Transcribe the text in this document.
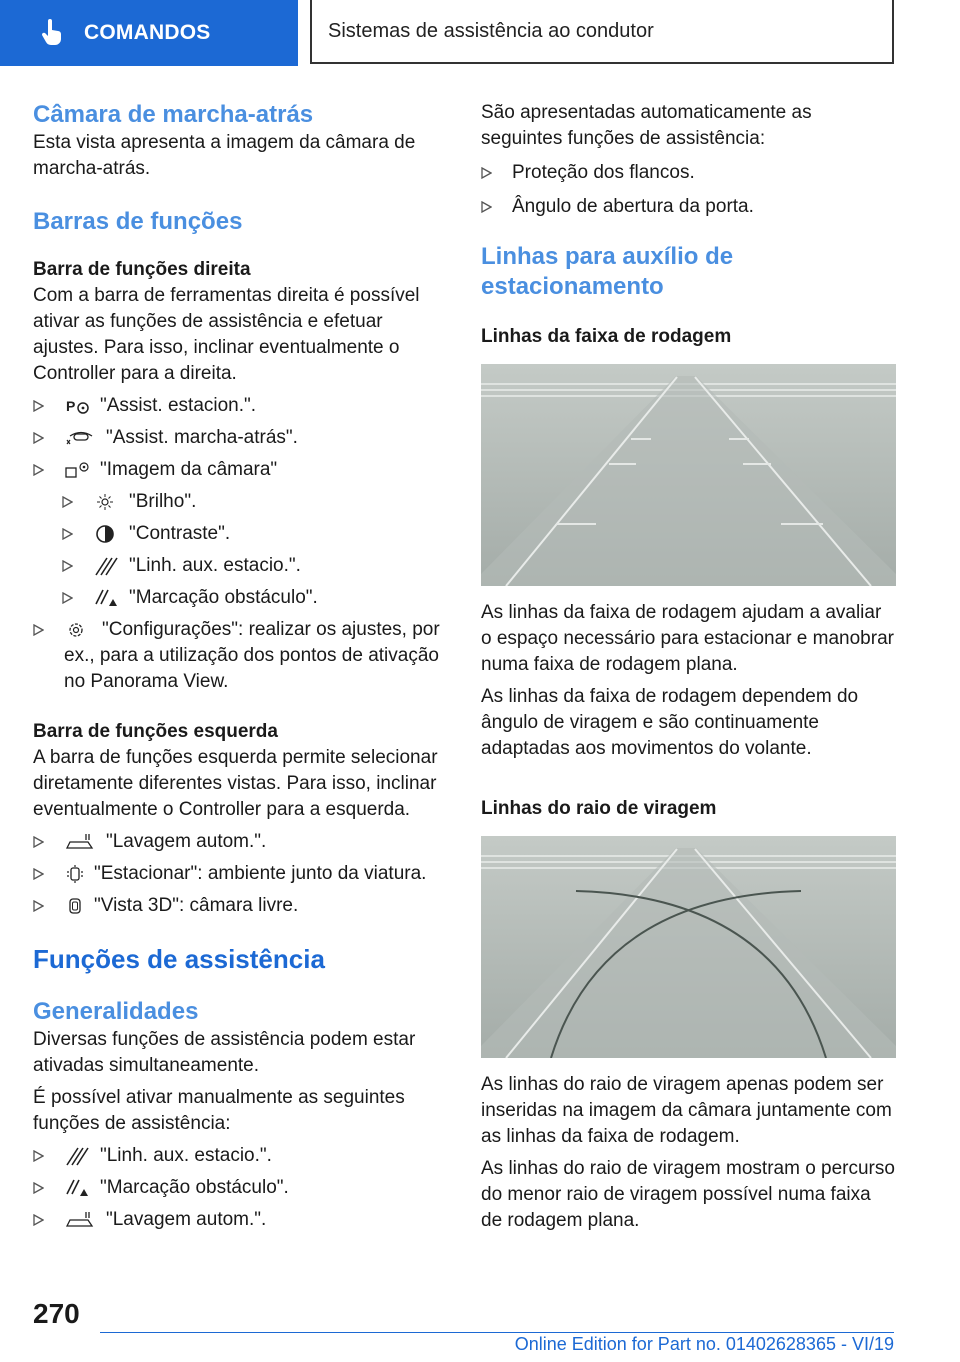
COMANDOS	Sistemas de assistência ao condutor
Câmara de marcha-atrás

Esta vista apresenta a imagem da câmara de marcha-atrás.

Barras de funções
Barra de funções direita

Com a barra de ferramentas direita é possível ativar as funções de assistência e efetuar ajustes. Para isso, inclinar eventualmente o Controller para a direita.

P "Assist. estacion.".
"Assist. marcha-atrás".
"Imagem da câmara"
"Brilho".
"Contraste".
"Linh. aux. estacio.".
"Marcação obstáculo".

"Configurações": realizar os ajustes, por ex., para a utilização dos pontos de ativação no Panorama View.

Barra de funções esquerda

A barra de funções esquerda permite selecionar diretamente diferentes vistas. Para isso, inclinar eventualmente o Controller para a esquerda.

"Lavagem autom.".
"Estacionar": ambiente junto da viatura.
"Vista 3D": câmara livre.
Funções de assistência
Generalidades

Diversas funções de assistência podem estar ativadas simultaneamente.

É possível ativar manualmente as seguintes funções de assistência:

"Linh. aux. estacio.".
"Marcação obstáculo".
"Lavagem autom.".

São apresentadas automaticamente as seguintes funções de assistência:

Proteção dos flancos.
Ângulo de abertura da porta.
Linhas para auxílio de estacionamento
Linhas da faixa de rodagem

As linhas da faixa de rodagem ajudam a avaliar o espaço necessário para estacionar e manobrar numa faixa de rodagem plana.

As linhas da faixa de rodagem dependem do ângulo de viragem e são continuamente adaptadas aos movimentos do volante.

Linhas do raio de viragem

As linhas do raio de viragem apenas podem ser inseridas na imagem da câmara juntamente com as linhas da faixa de rodagem.

As linhas do raio de viragem mostram o percurso do menor raio de viragem possível numa faixa de rodagem plana.

270
Online Edition for Part no. 01402628365 - VI/19
